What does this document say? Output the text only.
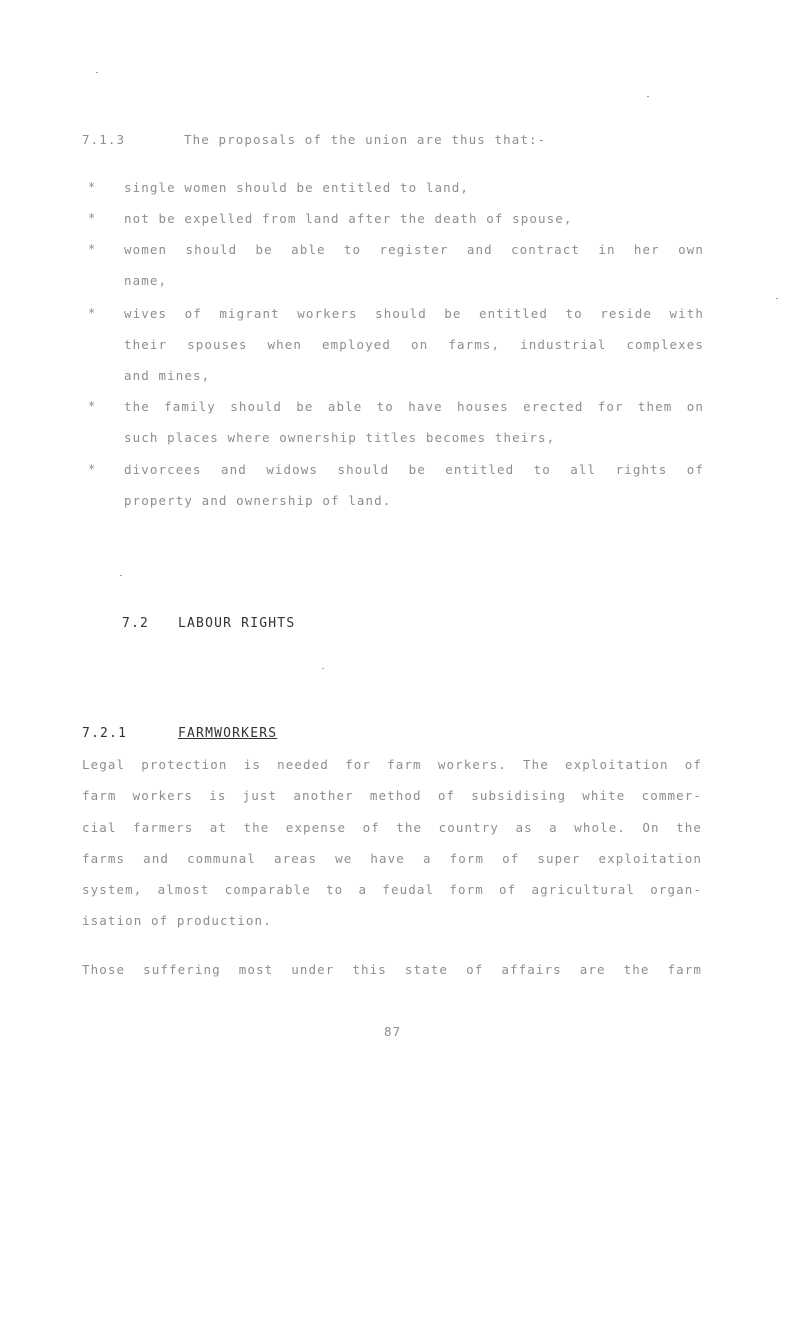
7.1.3	The proposals of the union are thus that:-
* single women should be entitled to land,
* not be expelled from land after the death of spouse,
* women should be able to register and contract in her own
name,
* wives of migrant workers should be entitled to reside with
their spouses when employed on farms, industrial complexes
and mines,
* the family should be able to have houses erected for them on
such places where ownership titles becomes theirs,
* divorcees and widows should be entitled to all rights of
property and ownership of land.
7.2 LABOUR RIGHTS
7.2.1	FARMWORKERS
Legal protection is needed for farm workers. The exploitation of
farm workers is just another method of subsidising white commer-
cial farmers at the expense of the country as a whole. On the
farms and communal areas we have a form of super exploitation
system, almost comparable to a feudal form of agricultural organ-
isation of production.
Those suffering most under this state of affairs are the farm
87
